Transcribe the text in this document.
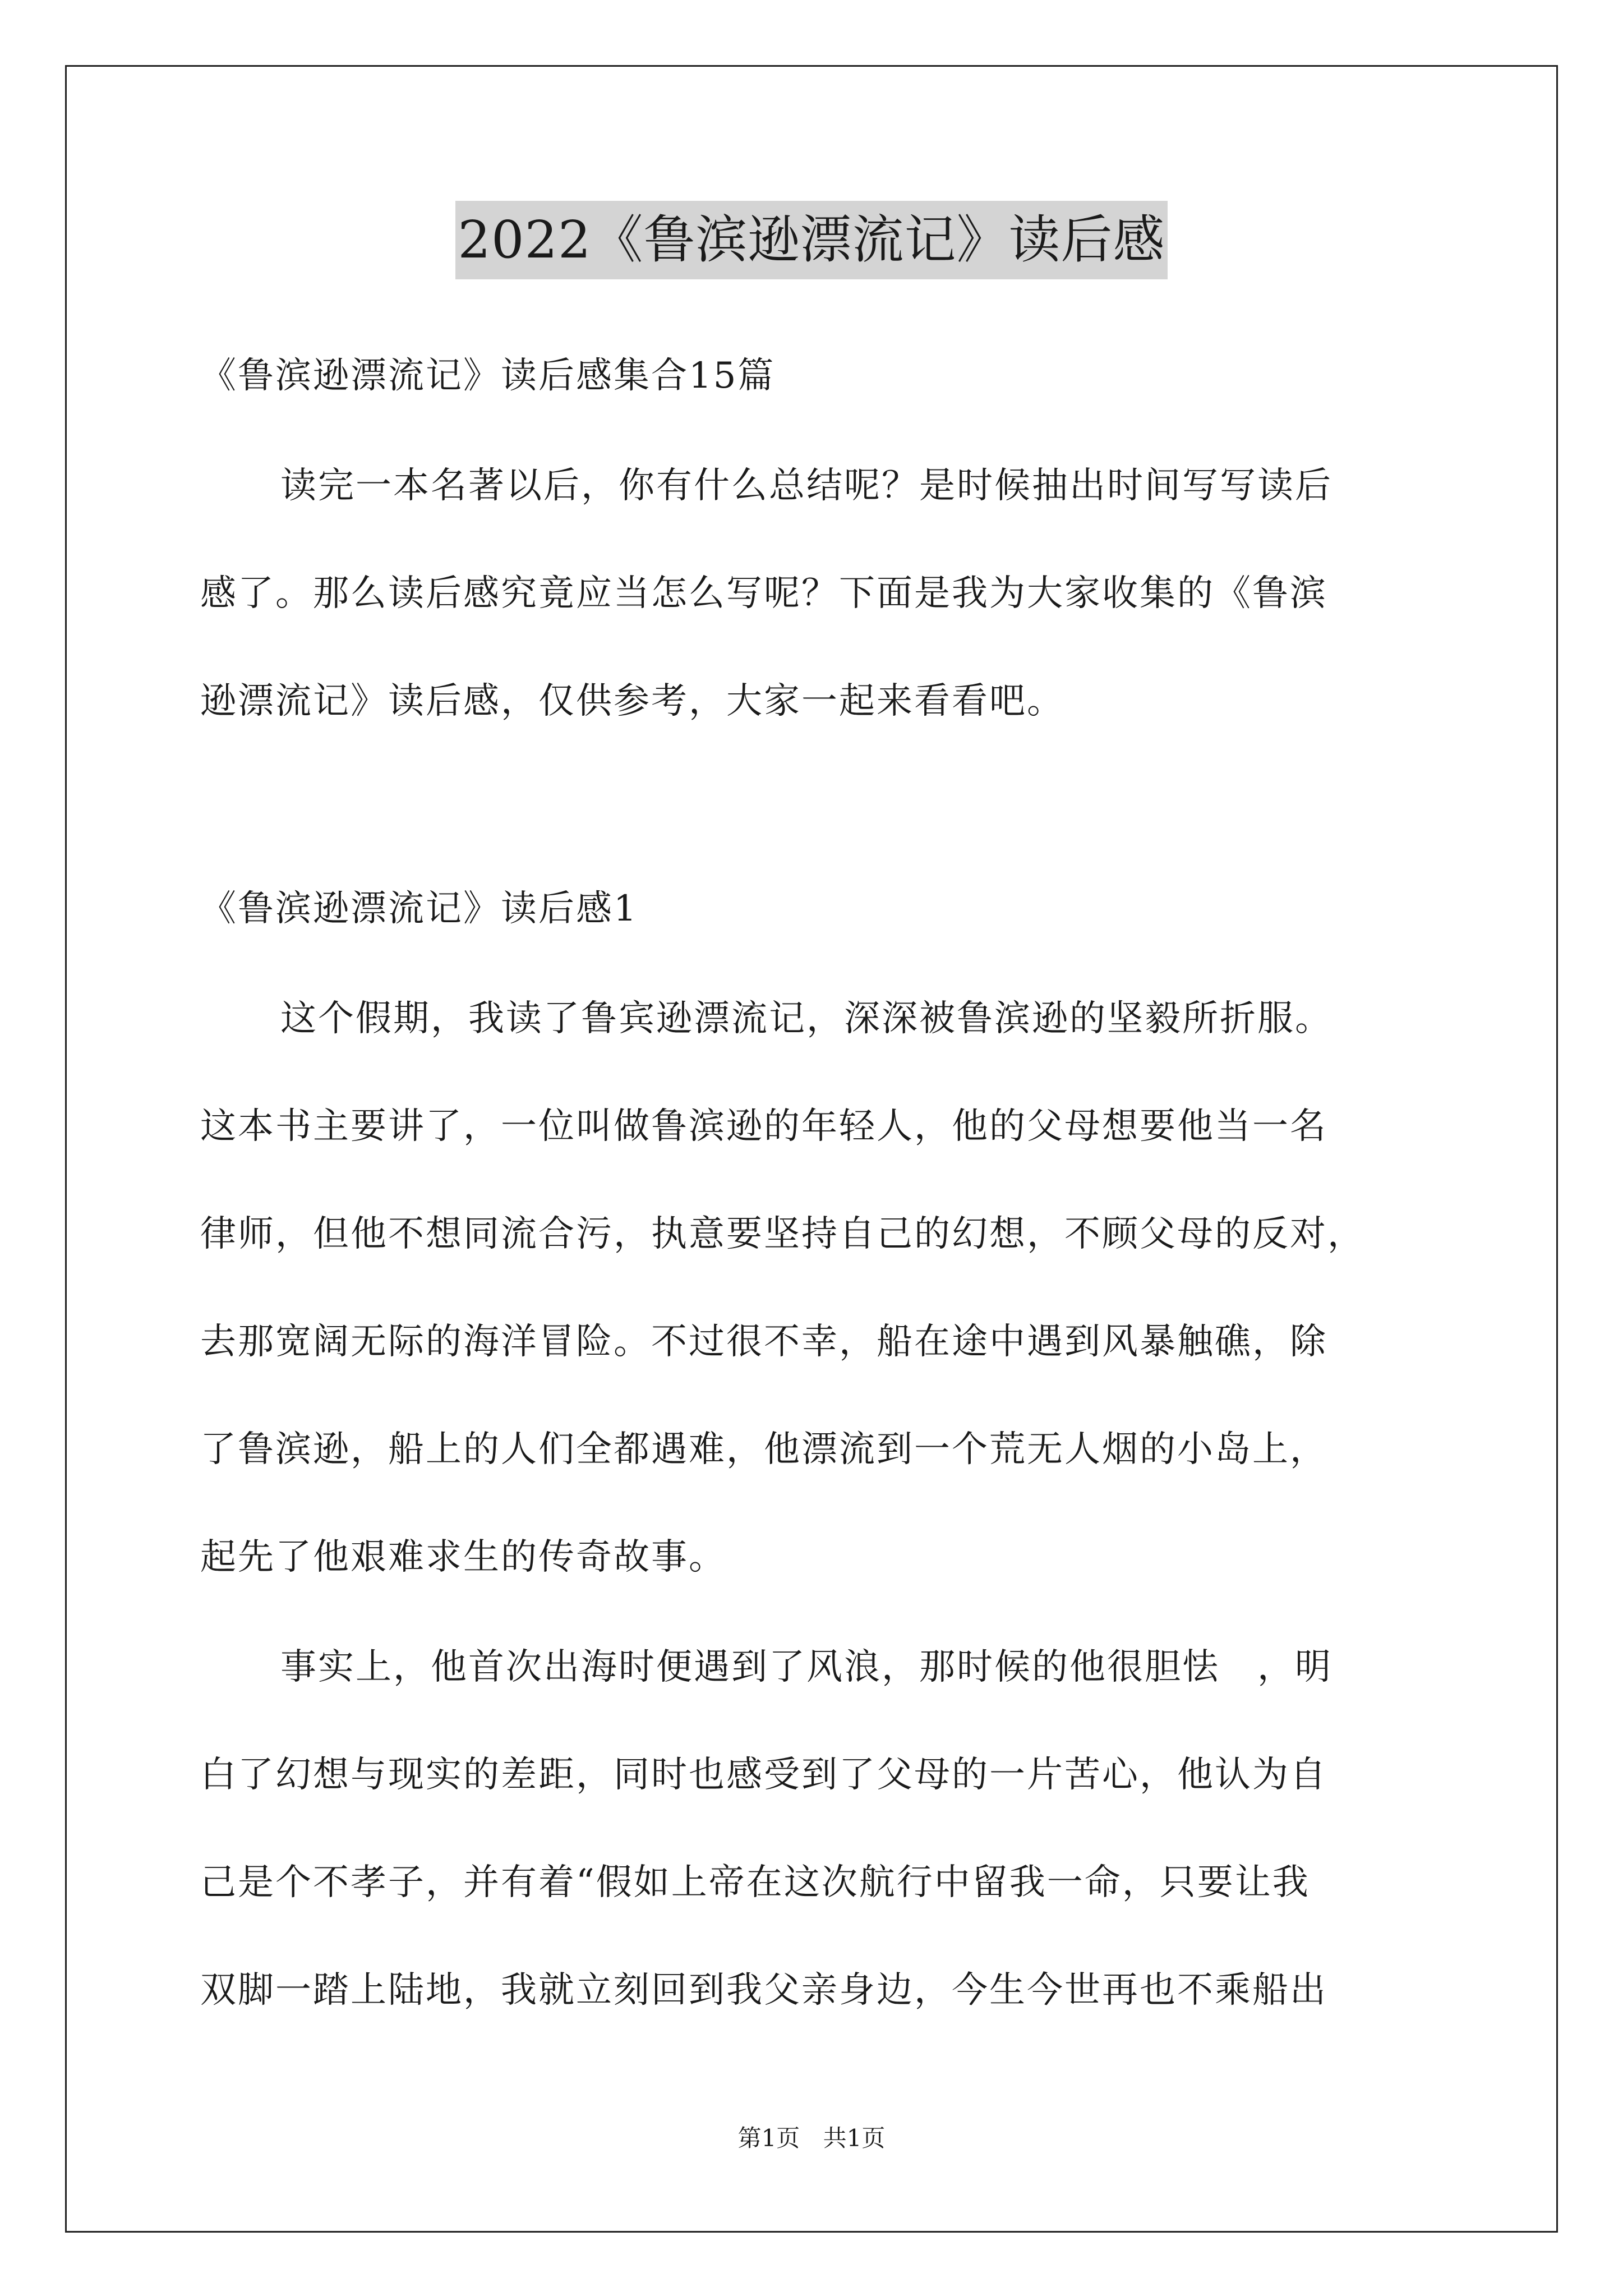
2022《鲁滨逊漂流记》读后感
《鲁滨逊漂流记》读后感集合15篇
读完一本名著以后，你有什么总结呢？是时候抽出时间写写读后
感了。那么读后感究竟应当怎么写呢？下面是我为大家收集的《鲁滨
逊漂流记》读后感，仅供参考，大家一起来看看吧。
《鲁滨逊漂流记》读后感1
这个假期，我读了鲁宾逊漂流记，深深被鲁滨逊的坚毅所折服。
这本书主要讲了，一位叫做鲁滨逊的年轻人，他的父母想要他当一名
律师，但他不想同流合污，执意要坚持自己的幻想，不顾父母的反对，
去那宽阔无际的海洋冒险。不过很不幸，船在途中遇到风暴触礁，除
了鲁滨逊，船上的人们全都遇难，他漂流到一个荒无人烟的小岛上，
起先了他艰难求生的传奇故事。
事实上，他首次出海时便遇到了风浪，那时候的他很胆怯　，明
白了幻想与现实的差距，同时也感受到了父母的一片苦心，他认为自
己是个不孝子，并有着“假如上帝在这次航行中留我一命，只要让我
双脚一踏上陆地，我就立刻回到我父亲身边，今生今世再也不乘船出
第1页 共1页
